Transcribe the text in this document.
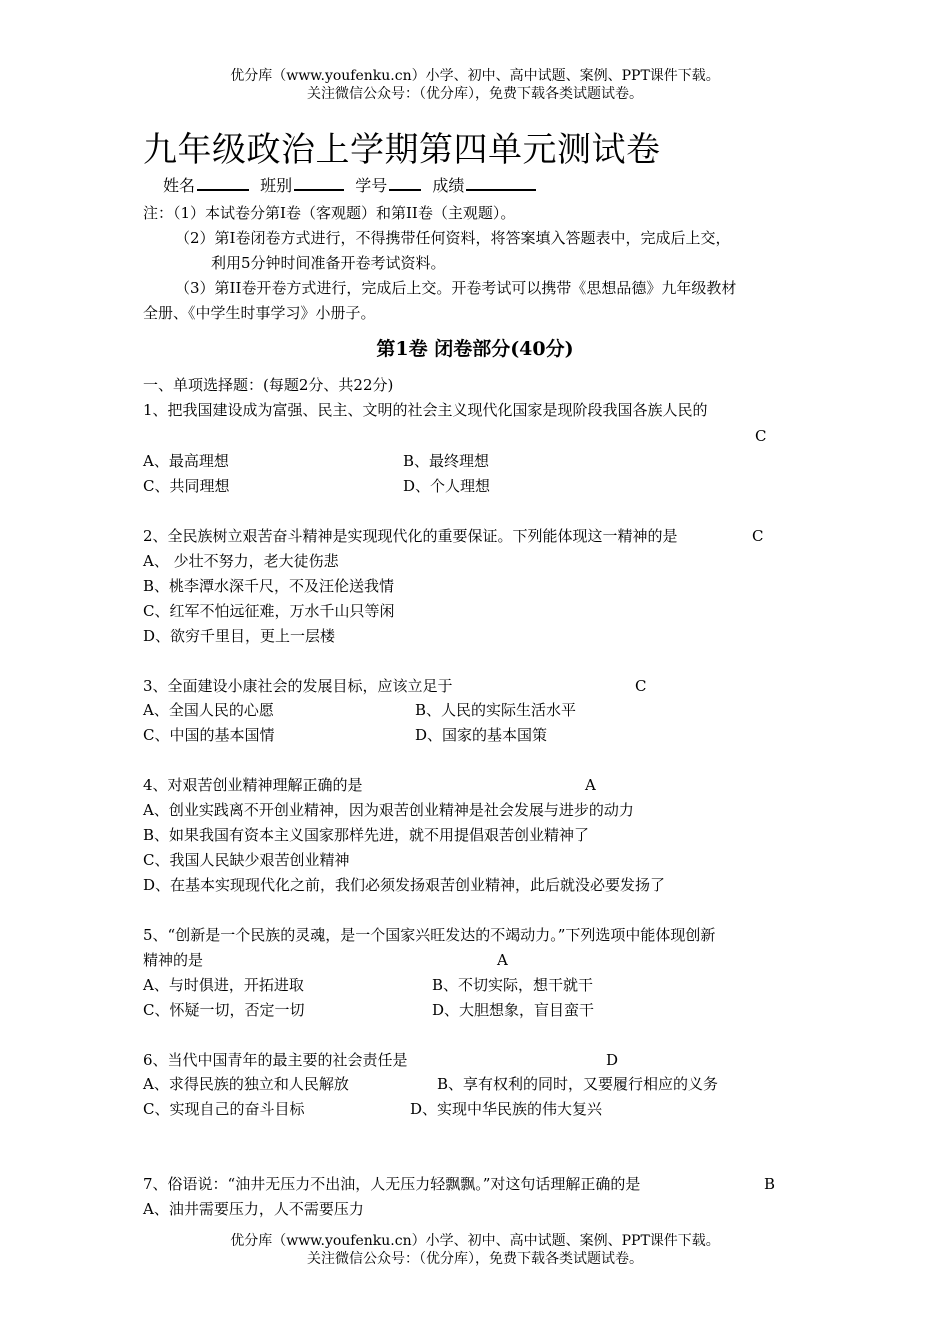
优分库（www.youfenku.cn）小学、初中、高中试题、案例、PPT课件下载。
关注微信公众号：（优分库），免费下载各类试题试卷。
九年级政治上学期第四单元测试卷
姓名	班别	学号	成绩
注：（1）本试卷分第I卷（客观题）和第II卷（主观题）。
（2）第I卷闭卷方式进行，不得携带任何资料，将答案填入答题表中，完成后上交，
利用5分钟时间准备开卷考试资料。
（3）第II卷开卷方式进行，完成后上交。开卷考试可以携带《思想品德》九年级教材
全册、《中学生时事学习》小册子。
第1卷 闭卷部分(40分)
一、单项选择题：(每题2分、共22分)
1、把我国建设成为富强、民主、文明的社会主义现代化国家是现阶段我国各族人民的
C
A、最高理想	B、最终理想
C、共同理想	D、个人理想
2、全民族树立艰苦奋斗精神是实现现代化的重要保证。下列能体现这一精神的是	C
A、 少壮不努力，老大徒伤悲
B、桃李潭水深千尺，不及汪伦送我情
C、红军不怕远征难，万水千山只等闲
D、欲穷千里目，更上一层楼
3、全面建设小康社会的发展目标，应该立足于	C
A、全国人民的心愿	B、人民的实际生活水平
C、中国的基本国情	D、国家的基本国策
4、对艰苦创业精神理解正确的是	A
A、创业实践离不开创业精神，因为艰苦创业精神是社会发展与进步的动力
B、如果我国有资本主义国家那样先进，就不用提倡艰苦创业精神了
C、我国人民缺少艰苦创业精神
D、在基本实现现代化之前，我们必须发扬艰苦创业精神，此后就没必要发扬了
5、“创新是一个民族的灵魂，是一个国家兴旺发达的不竭动力。”下列选项中能体现创新
精神的是	A
A、与时俱进，开拓进取	B、不切实际，想干就干
C、怀疑一切，否定一切	D、大胆想象，盲目蛮干
6、当代中国青年的最主要的社会责任是	D
A、求得民族的独立和人民解放	B、享有权利的同时，又要履行相应的义务
C、实现自己的奋斗目标	D、实现中华民族的伟大复兴
7、俗语说：“油井无压力不出油，人无压力轻飘飘。”对这句话理解正确的是	B
A、油井需要压力，人不需要压力
优分库（www.youfenku.cn）小学、初中、高中试题、案例、PPT课件下载。
关注微信公众号：（优分库），免费下载各类试题试卷。
